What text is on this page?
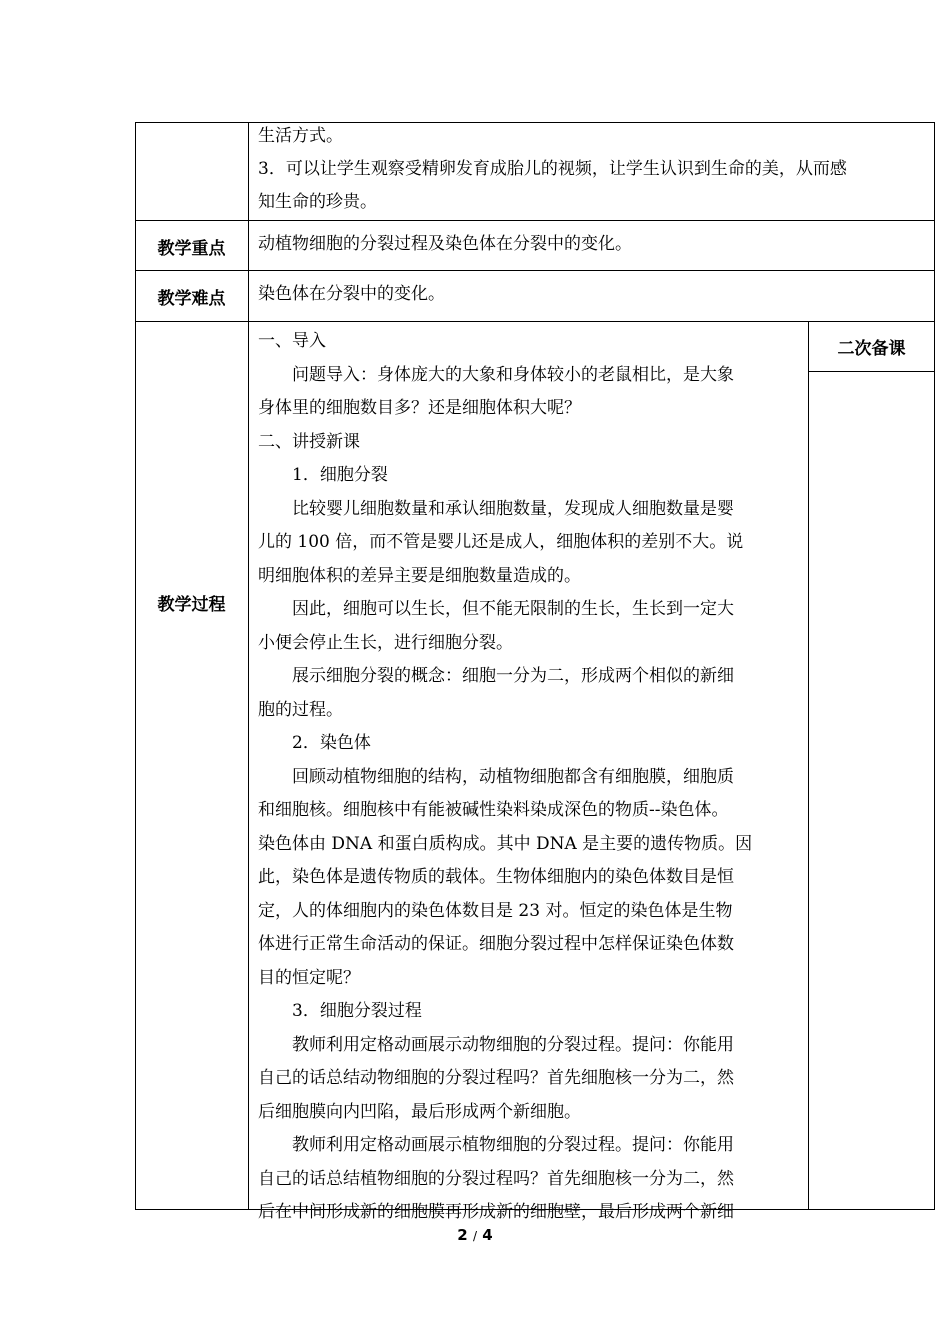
生活方式。
3．可以让学生观察受精卵发育成胎儿的视频，让学生认识到生命的美，从而感
知生命的珍贵。
教学重点	动植物细胞的分裂过程及染色体在分裂中的变化。
教学难点	染色体在分裂中的变化。
教学过程
二次备课
一、导入
　　问题导入：身体庞大的大象和身体较小的老鼠相比，是大象
身体里的细胞数目多？还是细胞体积大呢？
二、讲授新课
　　1．细胞分裂
　　比较婴儿细胞数量和承认细胞数量，发现成人细胞数量是婴
儿的 100 倍，而不管是婴儿还是成人，细胞体积的差别不大。说
明细胞体积的差异主要是细胞数量造成的。
　　因此，细胞可以生长，但不能无限制的生长，生长到一定大
小便会停止生长，进行细胞分裂。
　　展示细胞分裂的概念：细胞一分为二，形成两个相似的新细
胞的过程。
　　2．染色体
　　回顾动植物细胞的结构，动植物细胞都含有细胞膜，细胞质
和细胞核。细胞核中有能被碱性染料染成深色的物质--染色体。
染色体由 DNA 和蛋白质构成。其中 DNA 是主要的遗传物质。因
此，染色体是遗传物质的载体。生物体细胞内的染色体数目是恒
定，人的体细胞内的染色体数目是 23 对。恒定的染色体是生物
体进行正常生命活动的保证。细胞分裂过程中怎样保证染色体数
目的恒定呢？
　　3．细胞分裂过程
　　教师利用定格动画展示动物细胞的分裂过程。提问：你能用
自己的话总结动物细胞的分裂过程吗？首先细胞核一分为二，然
后细胞膜向内凹陷，最后形成两个新细胞。
　　教师利用定格动画展示植物细胞的分裂过程。提问：你能用
自己的话总结植物细胞的分裂过程吗？首先细胞核一分为二，然
后在中间形成新的细胞膜再形成新的细胞壁，最后形成两个新细
2 / 4
